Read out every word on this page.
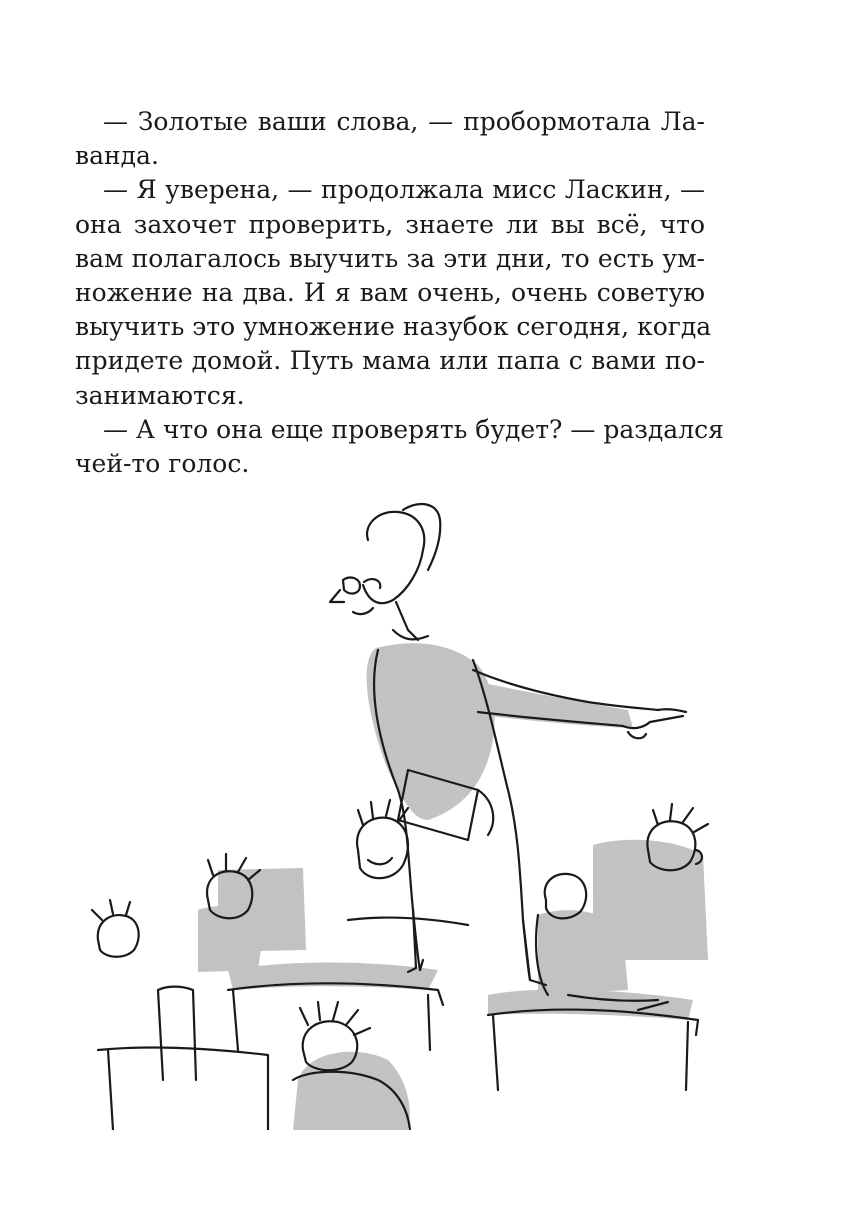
— Золотые ваши слова, — пробормотала Ла-
ванда.
— Я уверена, — продолжала мисс Ласкин, —
она захочет проверить, знаете ли вы всё, что
вам полагалось выучить за эти дни, то есть ум-
ножение на два. И я вам очень, очень советую
выучить это умножение назубок сегодня, когда
придете домой. Путь мама или папа с вами по-
занимаются.
— А что она еще проверять будет? — раздался
чей-то голос.
